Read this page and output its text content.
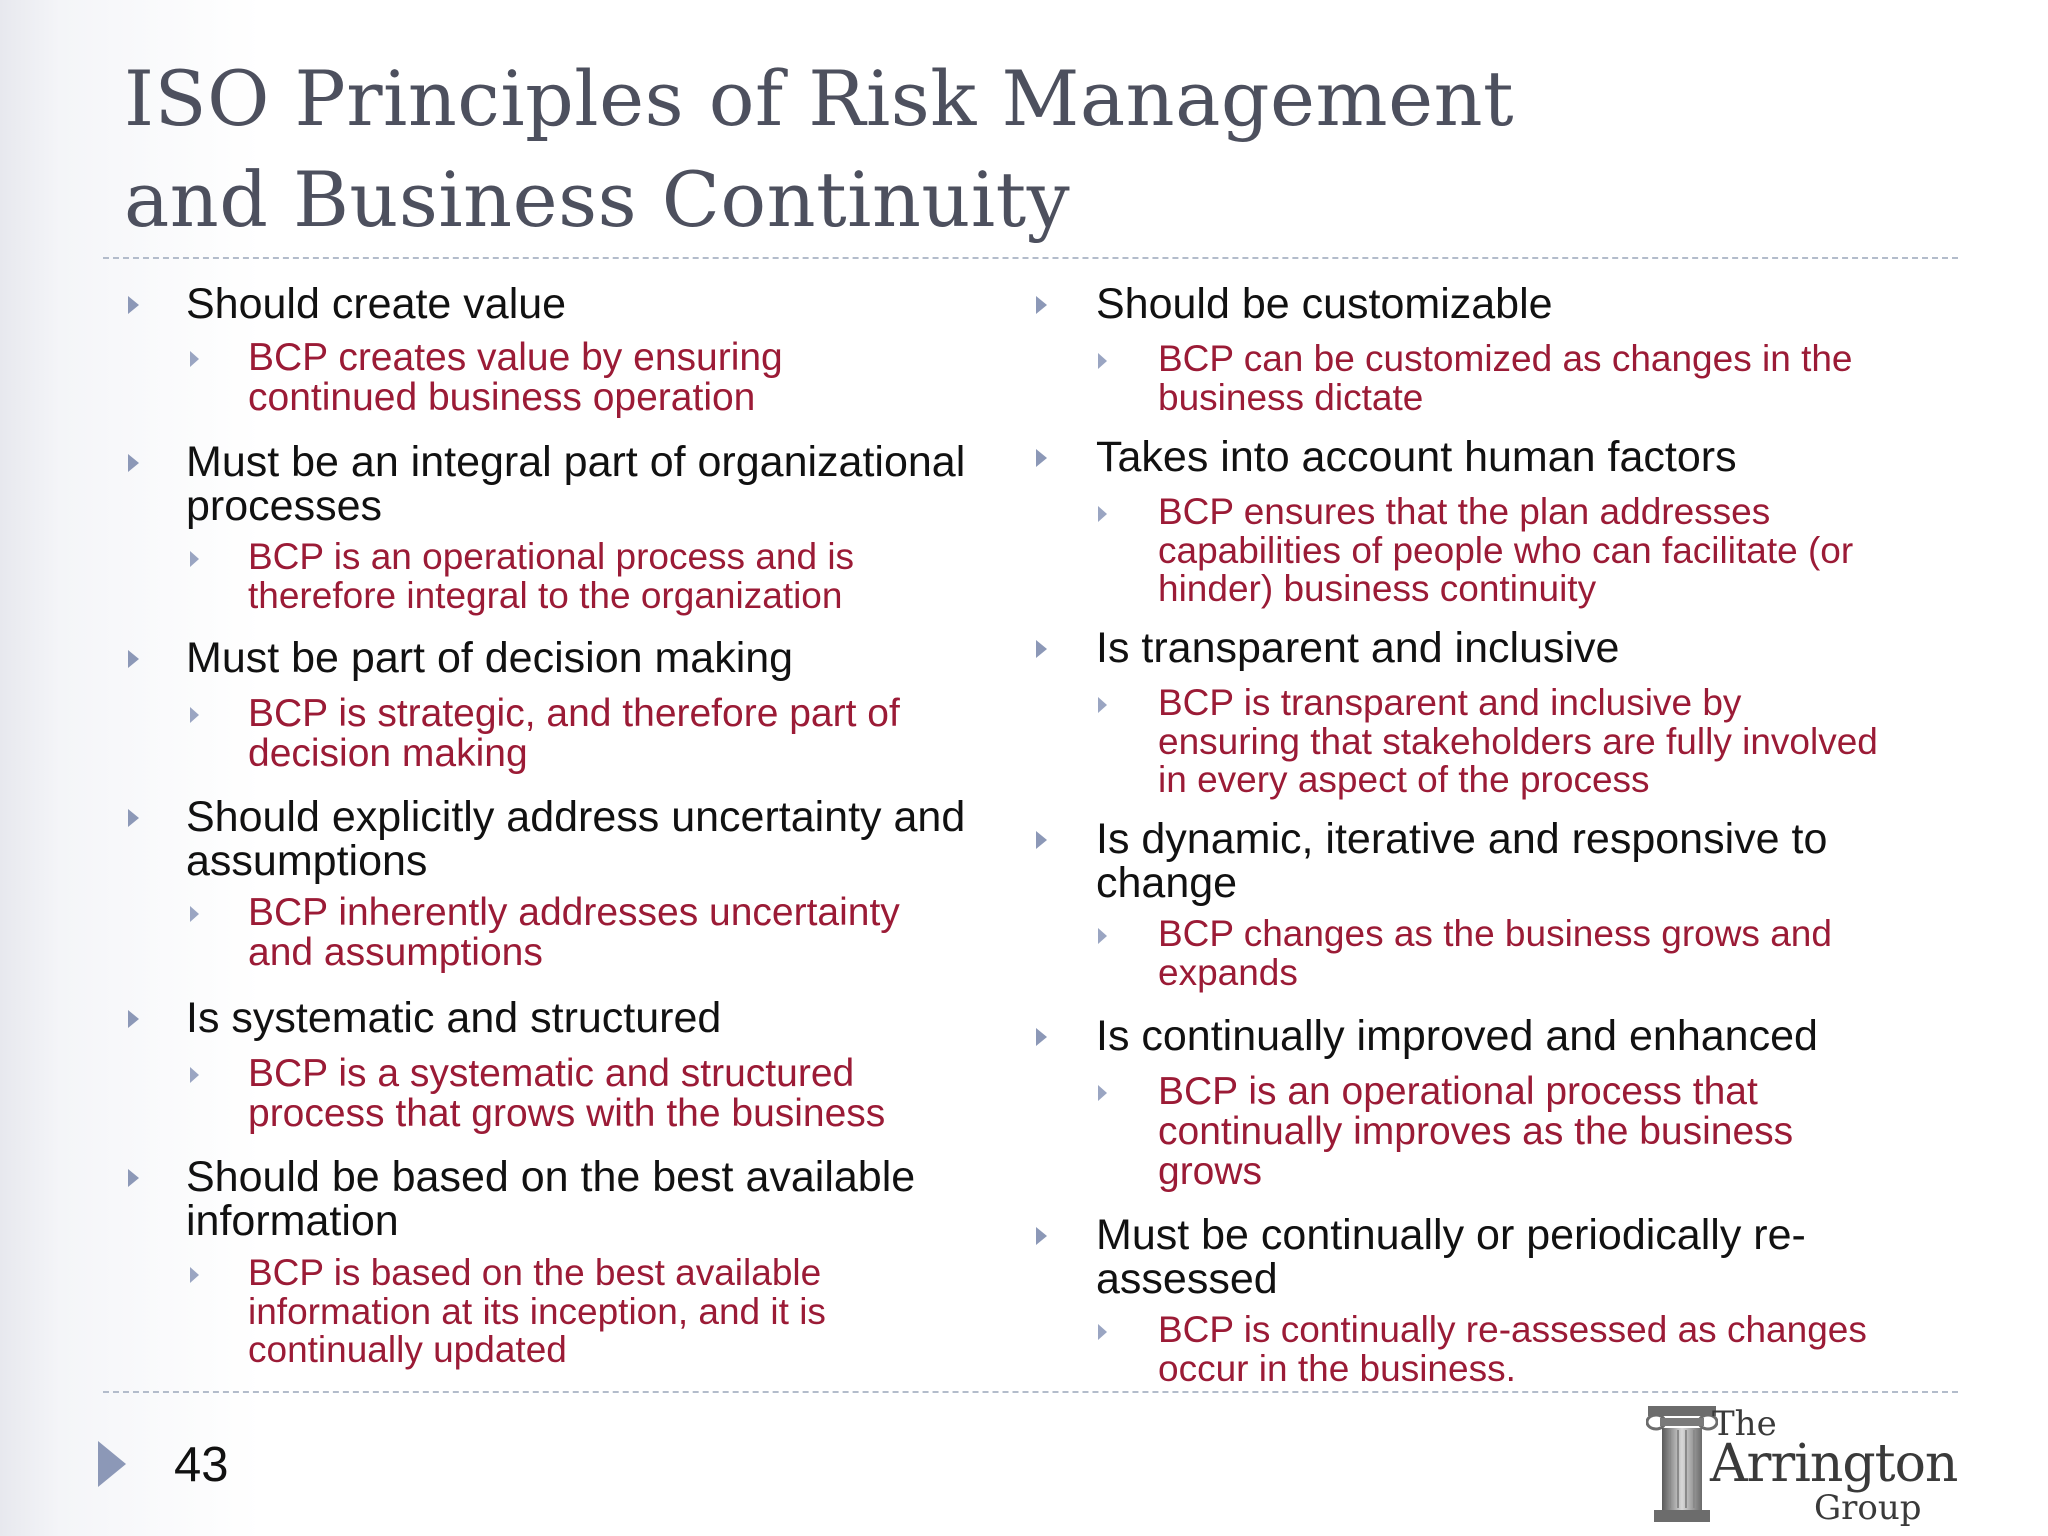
ISO Principles of Risk Management
and Business Continuity
Should create value
BCP creates value by ensuring
continued business operation
Must be an integral part of organizational
processes
BCP is an operational process and is
therefore integral to the organization
Must be part of decision making
BCP is strategic, and therefore part of
decision making
Should explicitly address uncertainty and
assumptions
BCP inherently addresses uncertainty
and assumptions
Is systematic and structured
BCP is a systematic and structured
process that grows with the business
Should be based on the best available
information
BCP is based on the best available
information at its inception, and it is
continually updated
Should be customizable
BCP can be customized as changes in the
business dictate
Takes into account human factors
BCP ensures that the plan addresses
capabilities of people who can facilitate (or
hinder) business continuity
Is transparent and inclusive
BCP is transparent and inclusive by
ensuring that stakeholders are fully involved
in every aspect of the process
Is dynamic, iterative and responsive to
change
BCP changes as the business grows and
expands
Is continually improved and enhanced
BCP is an operational process that
continually improves as the business
grows
Must be continually or periodically re-
assessed
BCP is continually re-assessed as changes
occur in the business.
43
The
Arrington
Group
